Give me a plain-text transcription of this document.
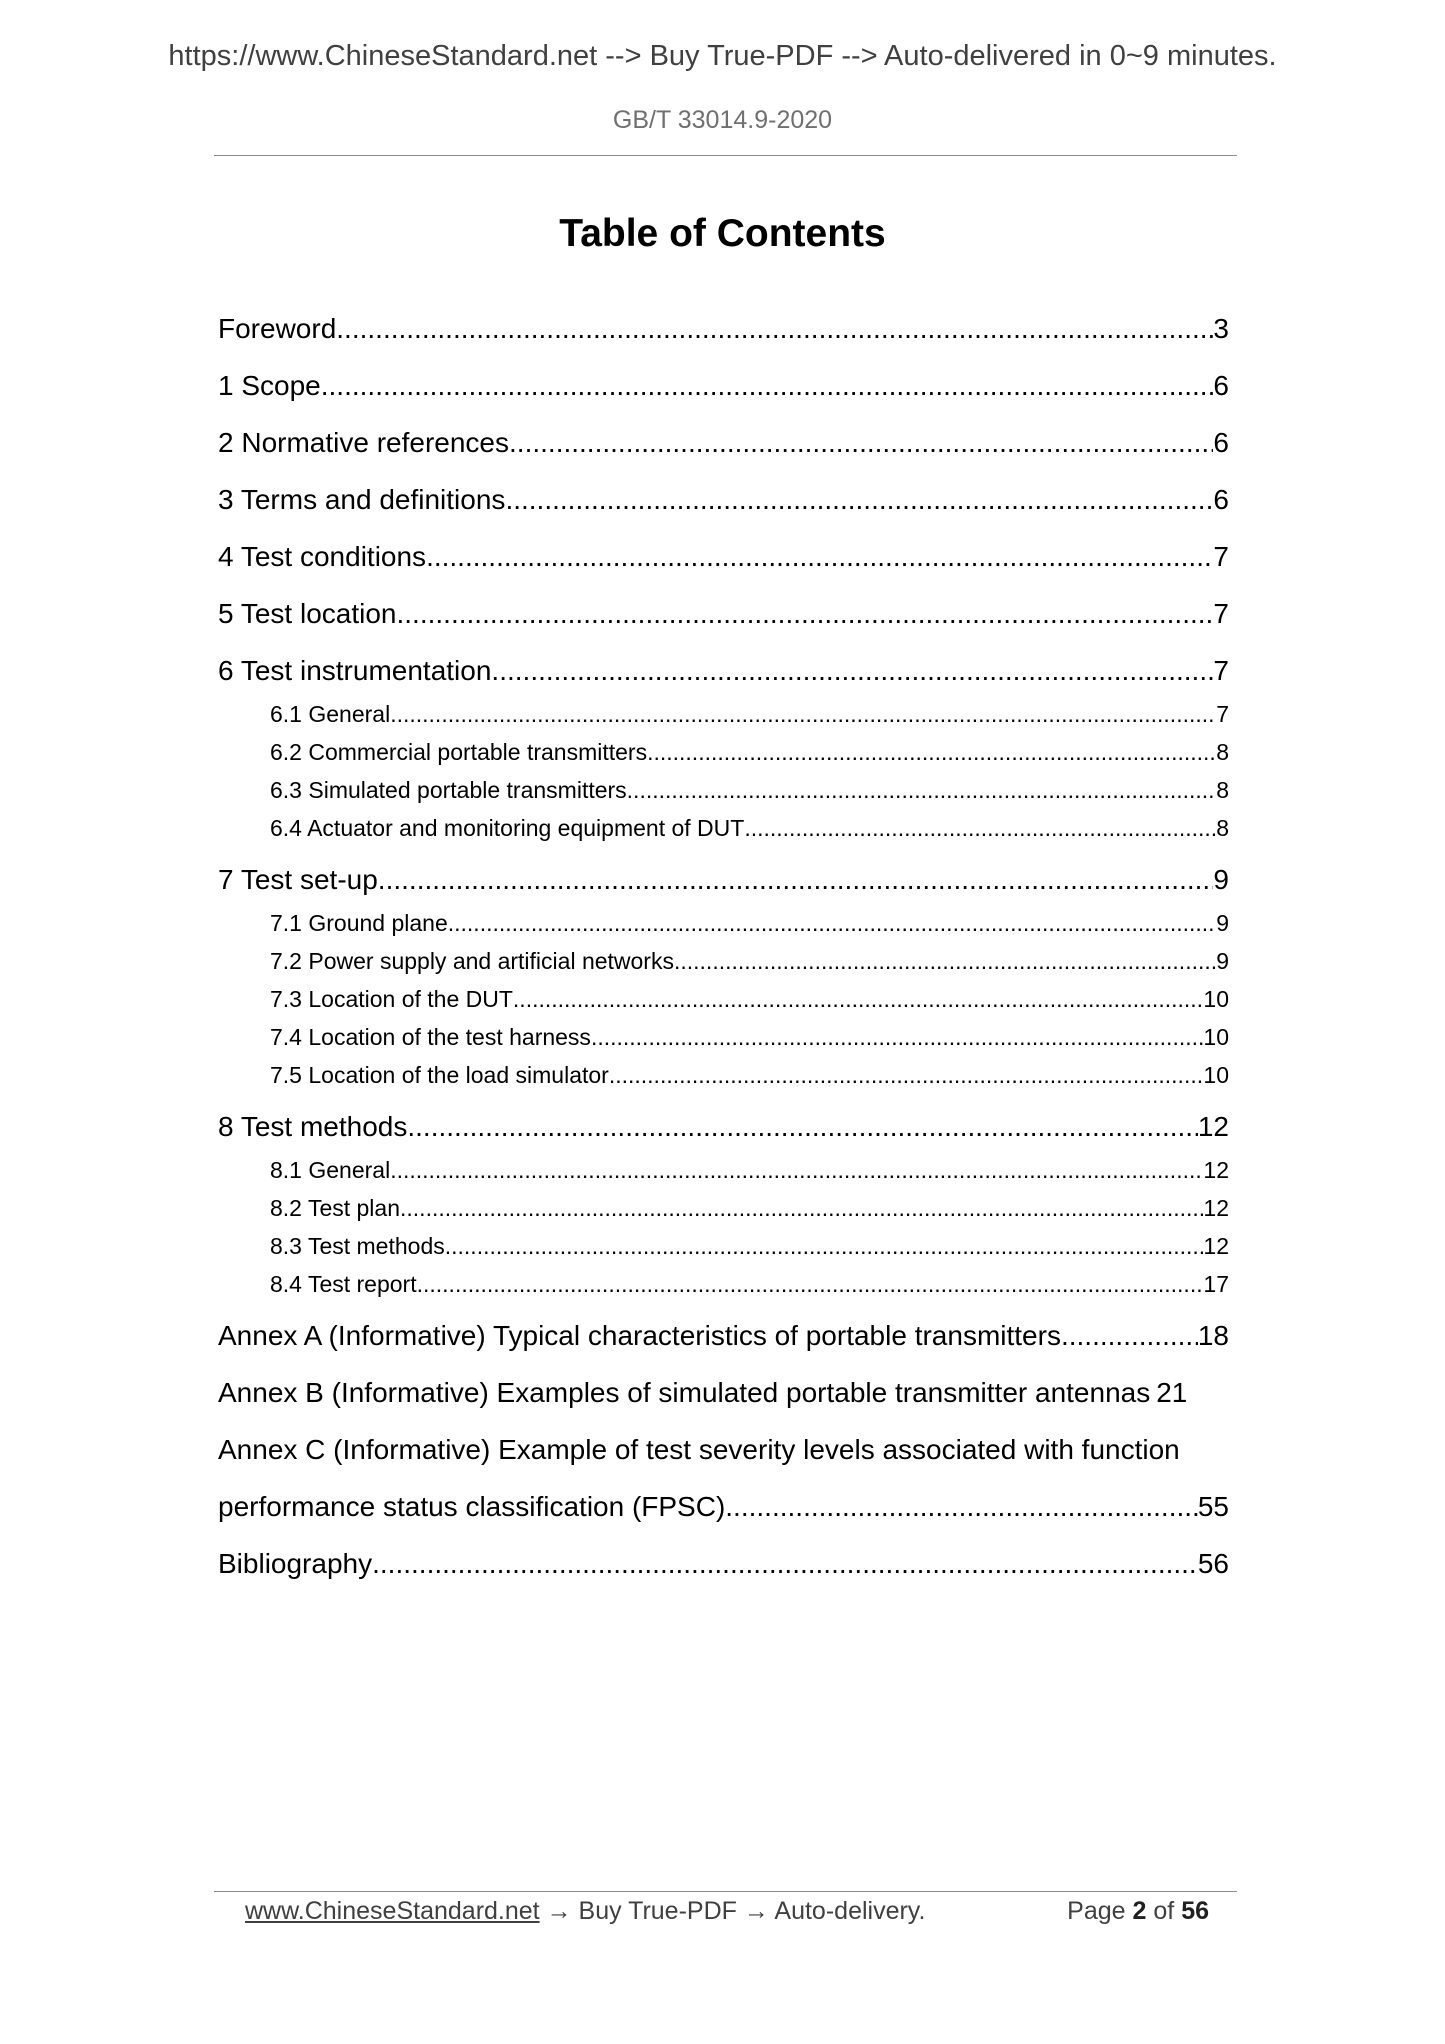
https://www.ChineseStandard.net --> Buy True-PDF --> Auto-delivered in 0~9 minutes.
GB/T 33014.9-2020
Table of Contents
Foreword .....	3
1 Scope .....	6
2 Normative references .....	6
3 Terms and definitions .....	6
4 Test conditions .....	7
5 Test location .....	7
6 Test instrumentation .....	7
6.1 General .....	7
6.2 Commercial portable transmitters .....	8
6.3 Simulated portable transmitters .....	8
6.4 Actuator and monitoring equipment of DUT .....	8
7 Test set-up .....	9
7.1 Ground plane .....	9
7.2 Power supply and artificial networks .....	9
7.3 Location of the DUT .....	10
7.4 Location of the test harness .....	10
7.5 Location of the load simulator .....	10
8 Test methods .....	12
8.1 General .....	12
8.2 Test plan .....	12
8.3 Test methods .....	12
8.4 Test report .....	17
Annex A (Informative) Typical characteristics of portable transmitters .....	18
Annex B (Informative) Examples of simulated portable transmitter antennas 21
Annex C (Informative) Example of test severity levels associated with function
performance status classification (FPSC) .....	55
Bibliography .....	56
www.ChineseStandard.net → Buy True-PDF → Auto-delivery.	Page 2 of 56
